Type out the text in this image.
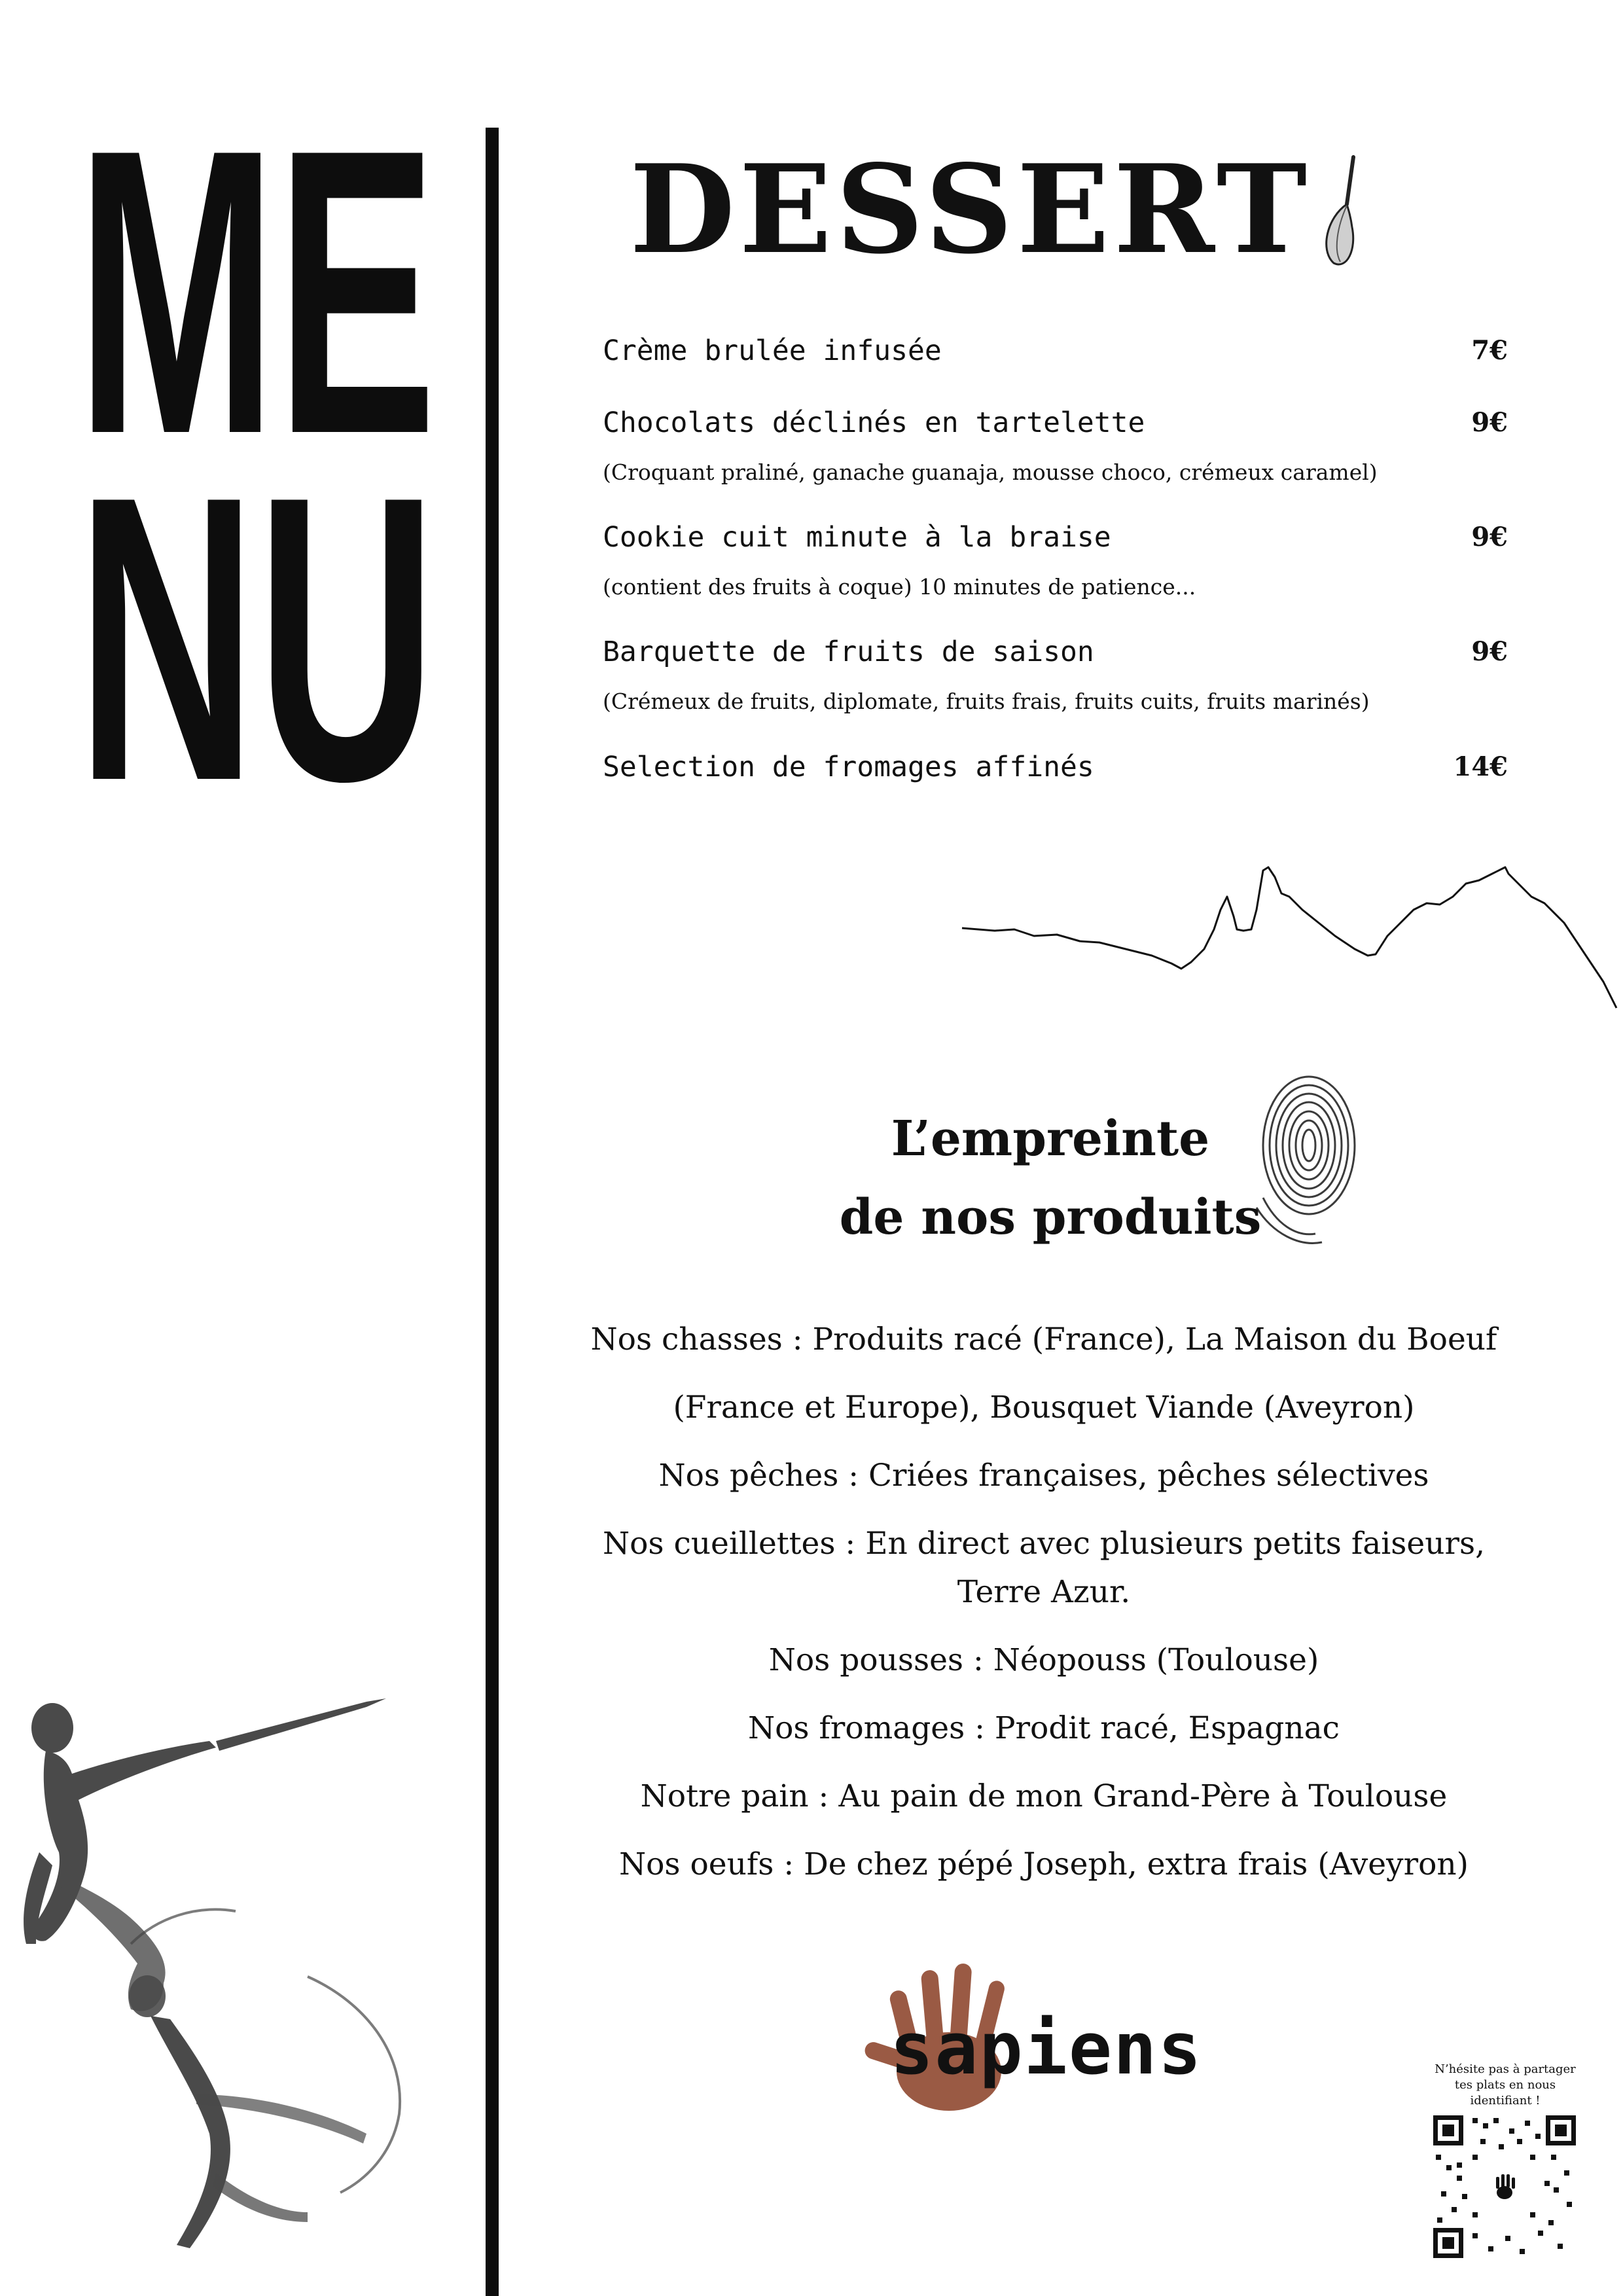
ME
NU
DESSERT
Crème brulée infusée	7€
Chocolats déclinés en tartelette	9€
(Croquant praliné, ganache guanaja, mousse choco, crémeux caramel)
Cookie cuit minute à la braise	9€
(contient des fruits à coque) 10 minutes de patience...
Barquette de fruits de saison	9€
(Crémeux de fruits, diplomate, fruits frais, fruits cuits, fruits marinés)
Selection de fromages affinés	14€
L’empreinte
de nos produits
Nos chasses : Produits racé (France), La Maison du Boeuf
(France et Europe), Bousquet Viande (Aveyron)
Nos pêches : Criées françaises, pêches sélectives
Nos cueillettes : En direct avec plusieurs petits faiseurs,
Terre Azur.
Nos pousses : Néopouss (Toulouse)
Nos fromages : Prodit racé, Espagnac
Notre pain : Au pain de mon Grand-Père à Toulouse
Nos oeufs : De chez pépé Joseph, extra frais (Aveyron)
sapiens	N’hésite pas à partager tes plats en nous identifiant !
